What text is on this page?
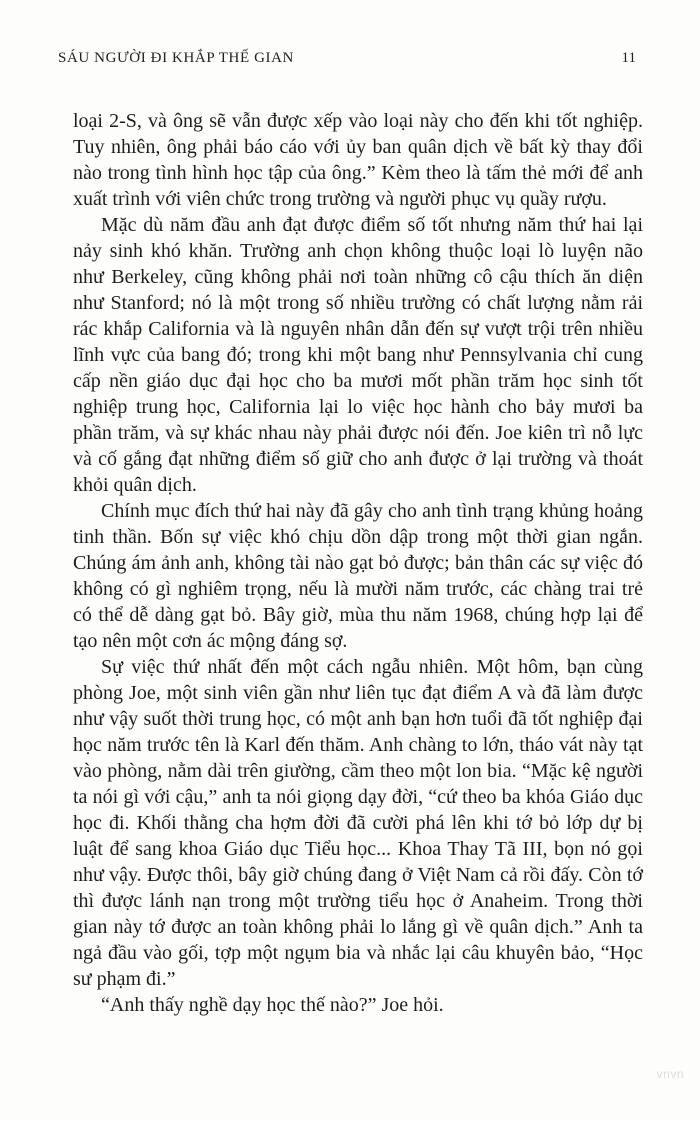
SÁU NGƯỜI ĐI KHẮP THẾ GIAN	11

loại 2-S, và ông sẽ vẫn được xếp vào loại này cho đến khi tốt nghiệp. Tuy nhiên, ông phải báo cáo với ủy ban quân dịch về bất kỳ thay đổi nào trong tình hình học tập của ông.” Kèm theo là tấm thẻ mới để anh xuất trình với viên chức trong trường và người phục vụ quầy rượu.

Mặc dù năm đầu anh đạt được điểm số tốt nhưng năm thứ hai lại nảy sinh khó khăn. Trường anh chọn không thuộc loại lò luyện não như Berkeley, cũng không phải nơi toàn những cô cậu thích ăn diện như Stanford; nó là một trong số nhiều trường có chất lượng nằm rải rác khắp California và là nguyên nhân dẫn đến sự vượt trội trên nhiều lĩnh vực của bang đó; trong khi một bang như Pennsylvania chỉ cung cấp nền giáo dục đại học cho ba mươi mốt phần trăm học sinh tốt nghiệp trung học, California lại lo việc học hành cho bảy mươi ba phần trăm, và sự khác nhau này phải được nói đến. Joe kiên trì nỗ lực và cố gắng đạt những điểm số giữ cho anh được ở lại trường và thoát khỏi quân dịch.

Chính mục đích thứ hai này đã gây cho anh tình trạng khủng hoảng tinh thần. Bốn sự việc khó chịu dồn dập trong một thời gian ngắn. Chúng ám ảnh anh, không tài nào gạt bỏ được; bản thân các sự việc đó không có gì nghiêm trọng, nếu là mười năm trước, các chàng trai trẻ có thể dễ dàng gạt bỏ. Bây giờ, mùa thu năm 1968, chúng hợp lại để tạo nên một cơn ác mộng đáng sợ.

Sự việc thứ nhất đến một cách ngẫu nhiên. Một hôm, bạn cùng phòng Joe, một sinh viên gần như liên tục đạt điểm A và đã làm được như vậy suốt thời trung học, có một anh bạn hơn tuổi đã tốt nghiệp đại học năm trước tên là Karl đến thăm. Anh chàng to lớn, tháo vát này tạt vào phòng, nằm dài trên giường, cầm theo một lon bia. “Mặc kệ người ta nói gì với cậu,” anh ta nói giọng dạy đời, “cứ theo ba khóa Giáo dục học đi. Khối thằng cha hợm đời đã cười phá lên khi tớ bỏ lớp dự bị luật để sang khoa Giáo dục Tiểu học... Khoa Thay Tã III, bọn nó gọi như vậy. Được thôi, bây giờ chúng đang ở Việt Nam cả rồi đấy. Còn tớ thì được lánh nạn trong một trường tiểu học ở Anaheim. Trong thời gian này tớ được an toàn không phải lo lắng gì về quân dịch.” Anh ta ngả đầu vào gối, tợp một ngụm bia và nhắc lại câu khuyên bảo, “Học sư phạm đi.”

“Anh thấy nghề dạy học thế nào?” Joe hỏi.

vnvn
